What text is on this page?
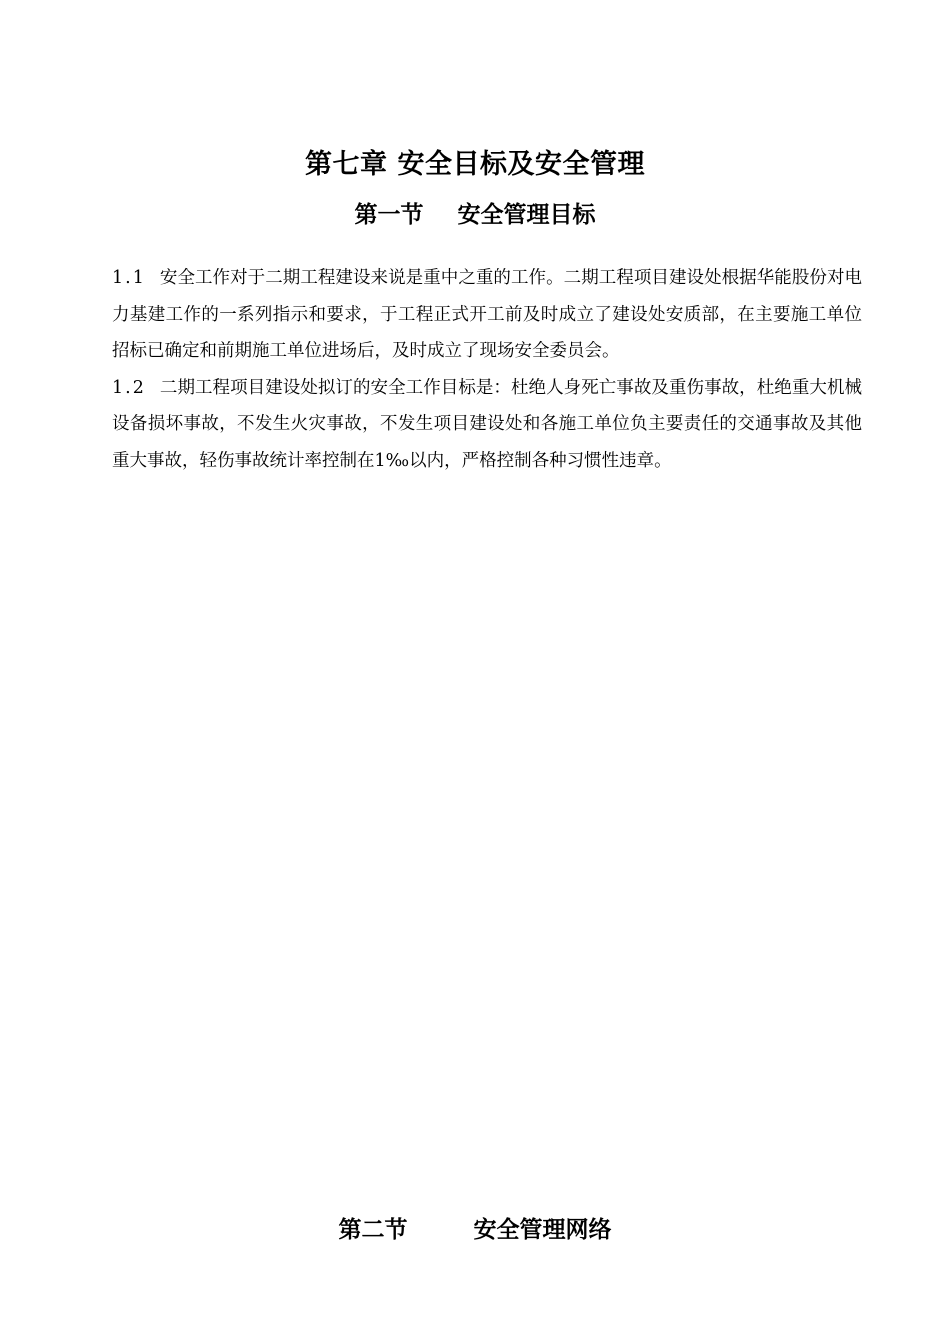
第七章 安全目标及安全管理
第一节 安全管理目标

1.1 安全工作对于二期工程建设来说是重中之重的工作。二期工程项目建设处根据华能股份对电力基建工作的一系列指示和要求，于工程正式开工前及时成立了建设处安质部，在主要施工单位招标已确定和前期施工单位进场后，及时成立了现场安全委员会。

1.2 二期工程项目建设处拟订的安全工作目标是：杜绝人身死亡事故及重伤事故，杜绝重大机械设备损坏事故，不发生火灾事故，不发生项目建设处和各施工单位负主要责任的交通事故及其他重大事故，轻伤事故统计率控制在1‰以内，严格控制各种习惯性违章。

第二节	安全管理网络
